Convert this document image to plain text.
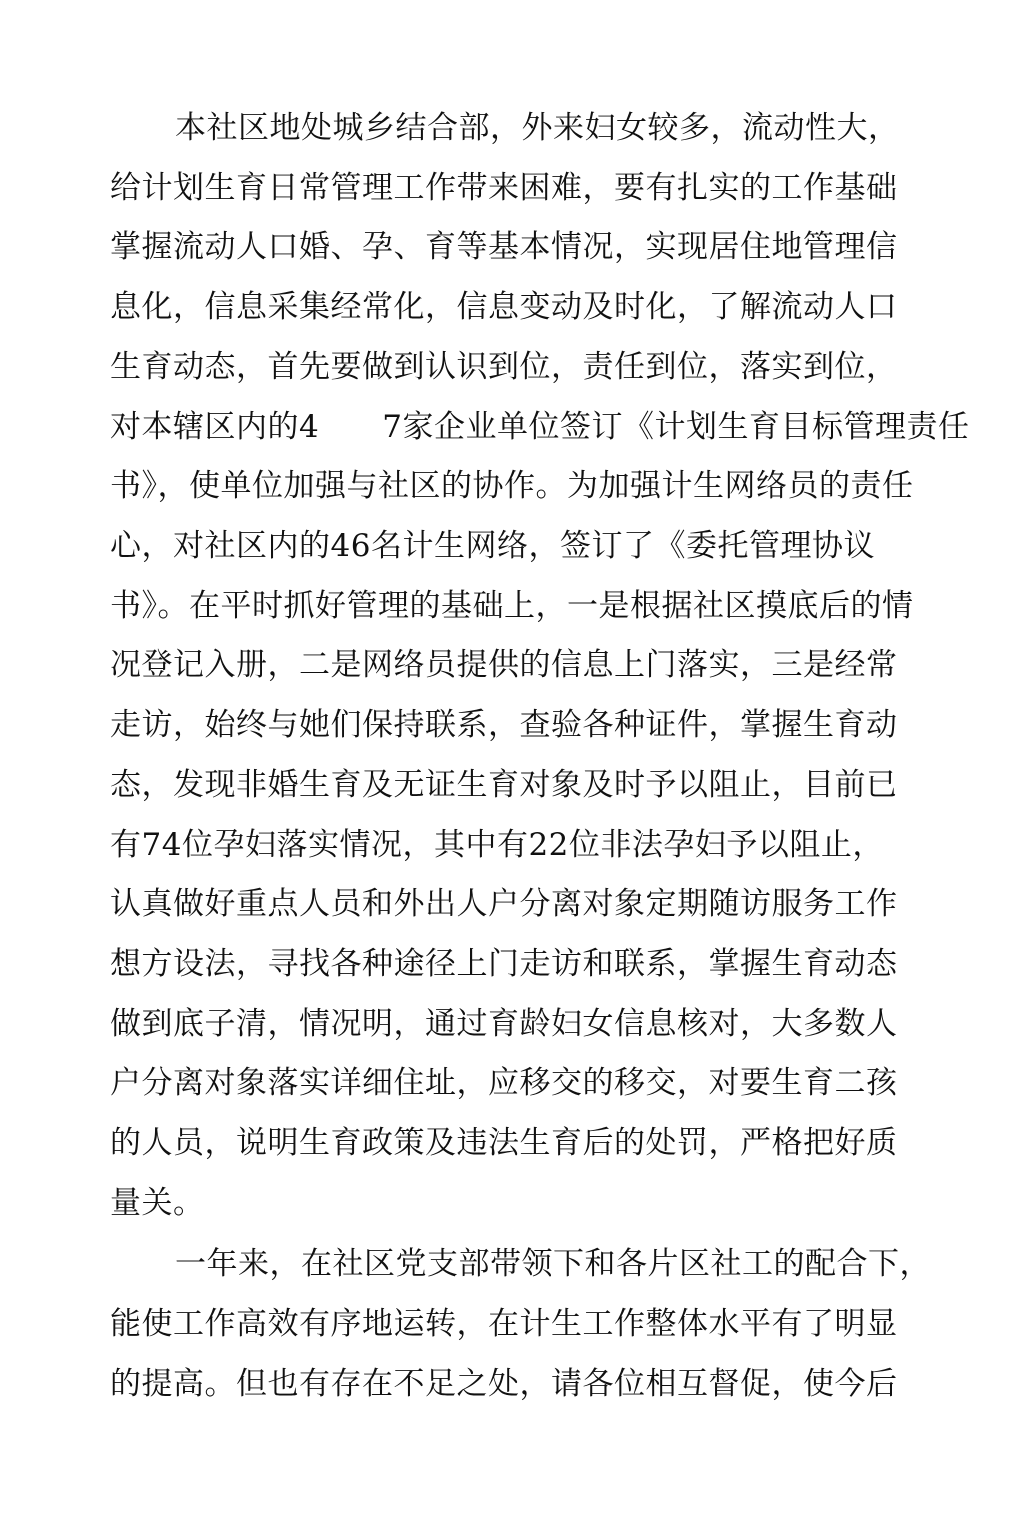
本社区地处城乡结合部，外来妇女较多，流动性大，
给计划生育日常管理工作带来困难，要有扎实的工作基础
掌握流动人口婚、孕、育等基本情况，实现居住地管理信
息化，信息采集经常化，信息变动及时化，了解流动人口
生育动态，首先要做到认识到位，责任到位，落实到位，
对本辖区内的4　　7家企业单位签订《计划生育目标管理责任
书》，使单位加强与社区的协作。为加强计生网络员的责任
心，对社区内的46名计生网络，签订了《委托管理协议
书》。在平时抓好管理的基础上，一是根据社区摸底后的情
况登记入册，二是网络员提供的信息上门落实，三是经常
走访，始终与她们保持联系，查验各种证件，掌握生育动
态，发现非婚生育及无证生育对象及时予以阻止，目前已
有74位孕妇落实情况，其中有22位非法孕妇予以阻止，
认真做好重点人员和外出人户分离对象定期随访服务工作
想方设法，寻找各种途径上门走访和联系，掌握生育动态
做到底子清，情况明，通过育龄妇女信息核对，大多数人
户分离对象落实详细住址，应移交的移交，对要生育二孩
的人员，说明生育政策及违法生育后的处罚，严格把好质
量关。
一年来，在社区党支部带领下和各片区社工的配合下，
能使工作高效有序地运转，在计生工作整体水平有了明显
的提高。但也有存在不足之处，请各位相互督促，使今后
